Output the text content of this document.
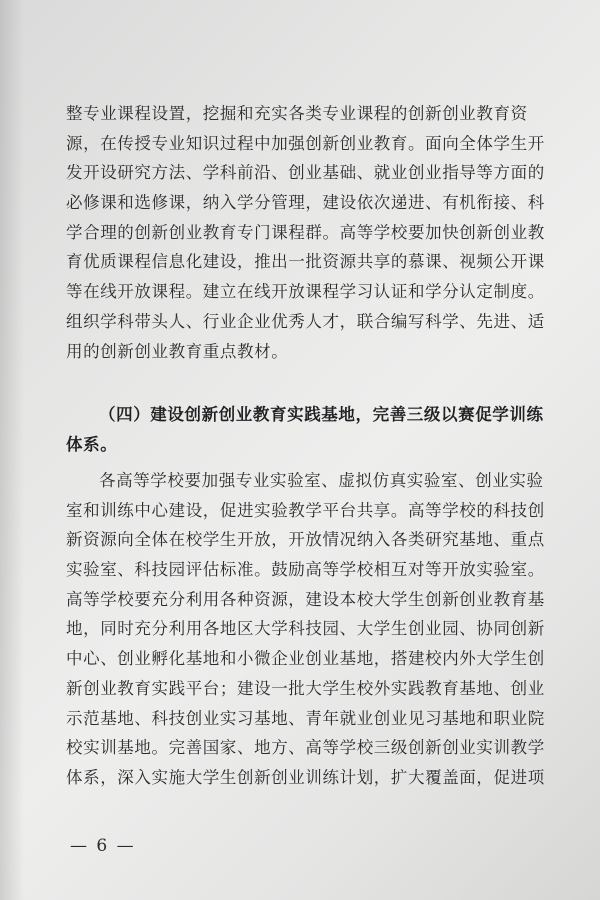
整专业课程设置，挖掘和充实各类专业课程的创新创业教育资
源，在传授专业知识过程中加强创新创业教育。面向全体学生开
发开设研究方法、学科前沿、创业基础、就业创业指导等方面的
必修课和选修课，纳入学分管理，建设依次递进、有机衔接、科
学合理的创新创业教育专门课程群。高等学校要加快创新创业教
育优质课程信息化建设，推出一批资源共享的慕课、视频公开课
等在线开放课程。建立在线开放课程学习认证和学分认定制度。
组织学科带头人、行业企业优秀人才，联合编写科学、先进、适
用的创新创业教育重点教材。
（四）建设创新创业教育实践基地，完善三级以赛促学训练
体系。
各高等学校要加强专业实验室、虚拟仿真实验室、创业实验
室和训练中心建设，促进实验教学平台共享。高等学校的科技创
新资源向全体在校学生开放，开放情况纳入各类研究基地、重点
实验室、科技园评估标准。鼓励高等学校相互对等开放实验室。
高等学校要充分利用各种资源，建设本校大学生创新创业教育基
地，同时充分利用各地区大学科技园、大学生创业园、协同创新
中心、创业孵化基地和小微企业创业基地，搭建校内外大学生创
新创业教育实践平台；建设一批大学生校外实践教育基地、创业
示范基地、科技创业实习基地、青年就业创业见习基地和职业院
校实训基地。完善国家、地方、高等学校三级创新创业实训教学
体系，深入实施大学生创新创业训练计划，扩大覆盖面，促进项
— 6 —
